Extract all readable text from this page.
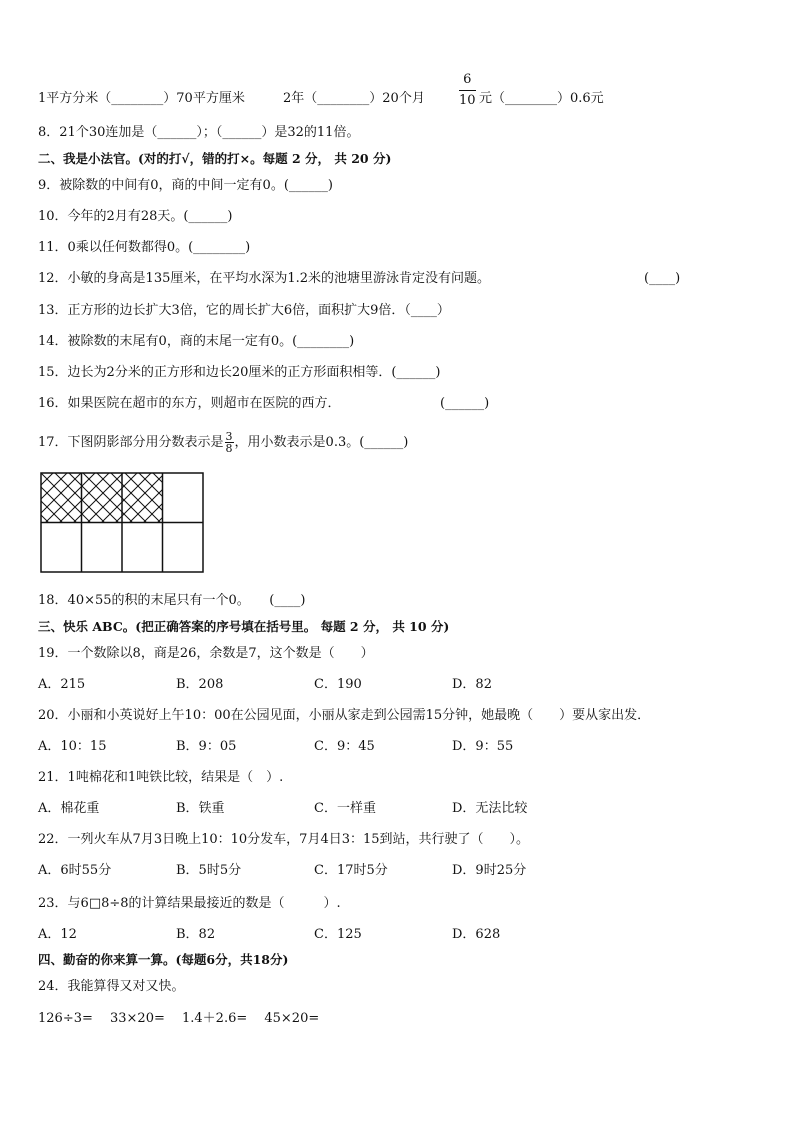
1平方分米（________）70平方厘米	2年（________）20个月	$\frac{6}{10}$ 元（________）0.6元
8．21个30连加是（______）；（______）是32的11倍。
二、我是小法官。(对的打√，错的打×。每题 2 分， 共 20 分)
9．被除数的中间有0，商的中间一定有0。(______)
10．今年的2月有28天。(______)
11．0乘以任何数都得0。(________)
12．小敏的身高是135厘米，在平均水深为1.2米的池塘里游泳肯定没有问题。	(____)
13．正方形的边长扩大3倍，它的周长扩大6倍，面积扩大9倍．（____）
14．被除数的末尾有0，商的末尾一定有0。(________)
15．边长为2分米的正方形和边长20厘米的正方形面积相等．(______)
16．如果医院在超市的东方，则超市在医院的西方．	(______)
17．下图阴影部分用分数表示是 $\frac{3}{8}$ ，用小数表示是0.3。(______)
18．40×55的积的末尾只有一个0。　　(____)
三、快乐 ABC。(把正确答案的序号填在括号里。 每题 2 分， 共 10 分)
19．一个数除以8，商是26，余数是7，这个数是（　　）
A．215	B．208	C．190	D．82
20．小丽和小英说好上午10：00在公园见面，小丽从家走到公园需15分钟，她最晚（　　）要从家出发．
A．10：15	B．9：05	C．9：45	D．9：55
21．1吨棉花和1吨铁比较，结果是（　）.
A．棉花重	B．铁重	C．一样重	D．无法比较
22．一列火车从7月3日晚上10：10分发车，7月4日3：15到站，共行驶了（　　）。
A．6时55分	B．5时5分	C．17时5分	D．9时25分
23．与6□8÷8的计算结果最接近的数是（　　　）.
A．12	B．82	C．125	D．628
四、勤奋的你来算一算。(每题6分，共18分)
24．我能算得又对又快。
126÷3=　 33×20=　 1.4＋2.6=　 45×20=
